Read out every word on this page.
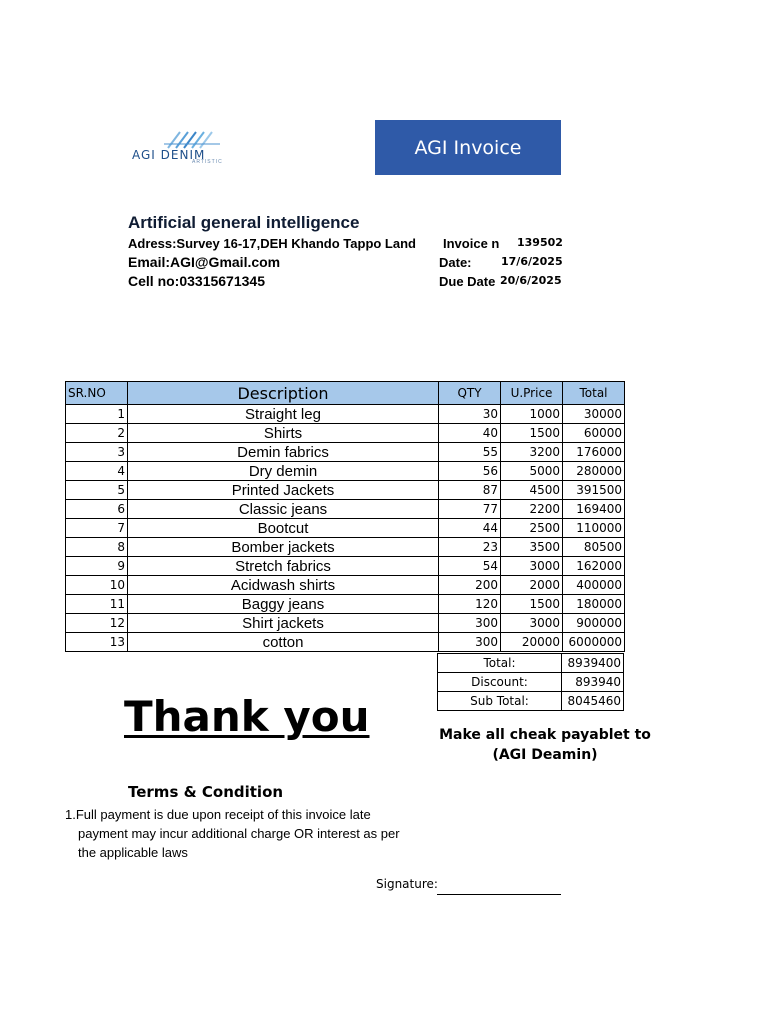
AGI DENIM
ARTISTIC
AGI Invoice
Artificial general intelligence
Adress:Survey 16-17,DEH Khando Tappo Land
Email:AGI@Gmail.com
Cell no:03315671345
Invoice n 139502
Date:	17/6/2025
Due Date 20/6/2025
SR.NO	Description	QTY	U.Price	Total
1	Straight leg	30	1000	30000
2	Shirts	40	1500	60000
3	Demin fabrics	55	3200	176000
4	Dry demin	56	5000	280000
5	Printed Jackets	87	4500	391500
6	Classic jeans	77	2200	169400
7	Bootcut	44	2500	110000
8	Bomber jackets	23	3500	80500
9	Stretch fabrics	54	3000	162000
10	Acidwash shirts	200	2000	400000
11	Baggy jeans	120	1500	180000
12	Shirt jackets	300	3000	900000
13	cotton	300	20000	6000000
Total:	8939400
Discount:	893940
Sub Total:	8045460
Thank you	Make all cheak payablet to
(AGI Deamin)
Terms & Condition
1.Full payment is due upon receipt of this invoice late payment may incur additional charge OR interest as per the applicable laws
Signature:
